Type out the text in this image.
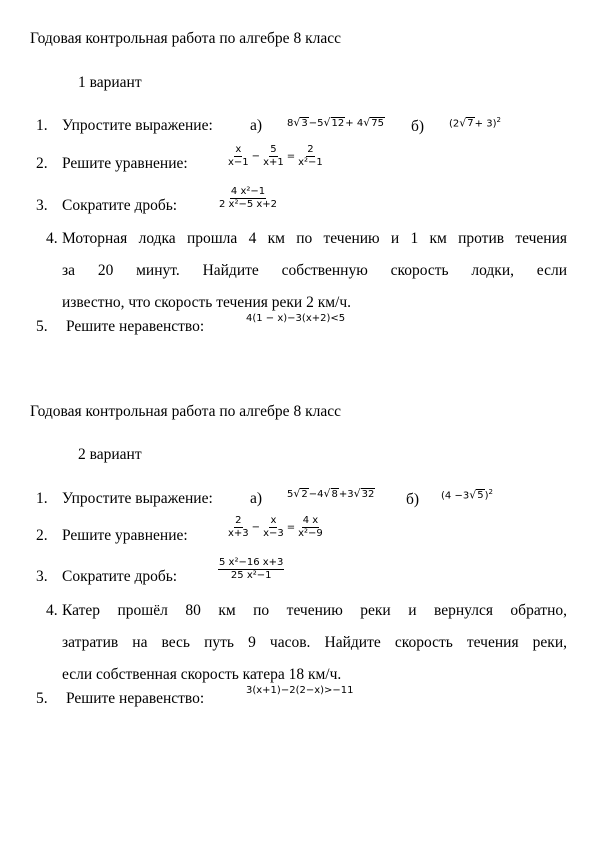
Годовая контрольная работа по алгебре 8 класс
1 вариант
1. Упростите выражение: а) 8√3−5√12+ 4√75 б) $(2√7+ 3)^2$
2. Решите уравнение:	$\frac{x}{x-1} - \frac{5}{x+1} = \frac{2}{\text{x²−1}}$
3. Сократите дробь:	$\frac{\text{4 x²−1}}{\text{2 x²−5 x+2}}$
4. Моторная лодка прошла 4 км по течению и 1 км против течения
за 20 минут. Найдите собственную скорость лодки, если
известно, что скорость течения реки 2 км/ч.
5. Решите неравенство:	4(1 − x)−3(x+2)<5
Годовая контрольная работа по алгебре 8 класс
2 вариант
1. Упростите выражение: а) 5√2−4√8+3√32 б) $(4 -3√5)^2$
2. Решите уравнение:	$\frac{2}{x+3} - \frac{x}{x-3} = \frac{4 x}{\text{x²−9}}$
3. Сократите дробь:	$\frac{\text{5 x²−16 x+3}}{\text{25 x²−1}}$
4. Катер прошёл 80 км по течению реки и вернулся обратно,
затратив на весь путь 9 часов. Найдите скорость течения реки,
если собственная скорость катера 18 км/ч.
5. Решите неравенство:	3(x+1)−2(2−x)>−11
